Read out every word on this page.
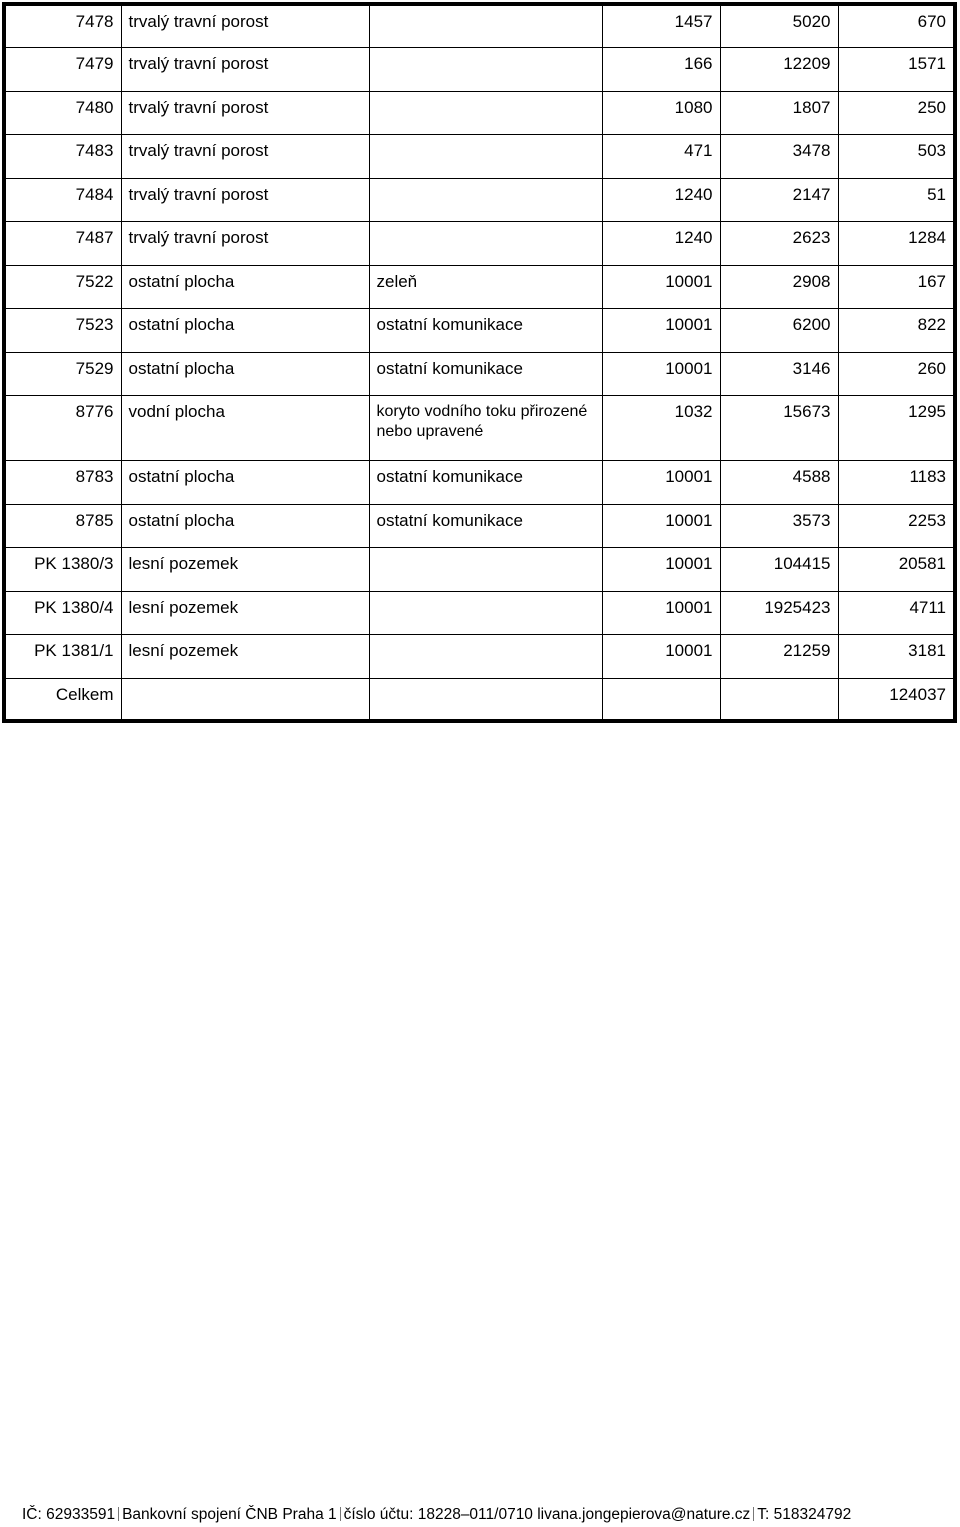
7478	trvalý travní porost		1457	5020	670
7479	trvalý travní porost		166	12209	1571
7480	trvalý travní porost		1080	1807	250
7483	trvalý travní porost		471	3478	503
7484	trvalý travní porost		1240	2147	51
7487	trvalý travní porost		1240	2623	1284
7522	ostatní plocha	zeleň	10001	2908	167
7523	ostatní plocha	ostatní komunikace	10001	6200	822
7529	ostatní plocha	ostatní komunikace	10001	3146	260
8776	vodní plocha	koryto vodního toku přirozené nebo upravené	1032	15673	1295
8783	ostatní plocha	ostatní komunikace	10001	4588	1183
8785	ostatní plocha	ostatní komunikace	10001	3573	2253
PK 1380/3	lesní pozemek		10001	104415	20581
PK 1380/4	lesní pozemek		10001	1925423	4711
PK 1381/1	lesní pozemek		10001	21259	3181
Celkem					124037
IČ: 62933591 Bankovní spojení ČNB Praha 1 číslo účtu: 18228–011/0710 livana.jongepierova@nature.cz T: 518324792
